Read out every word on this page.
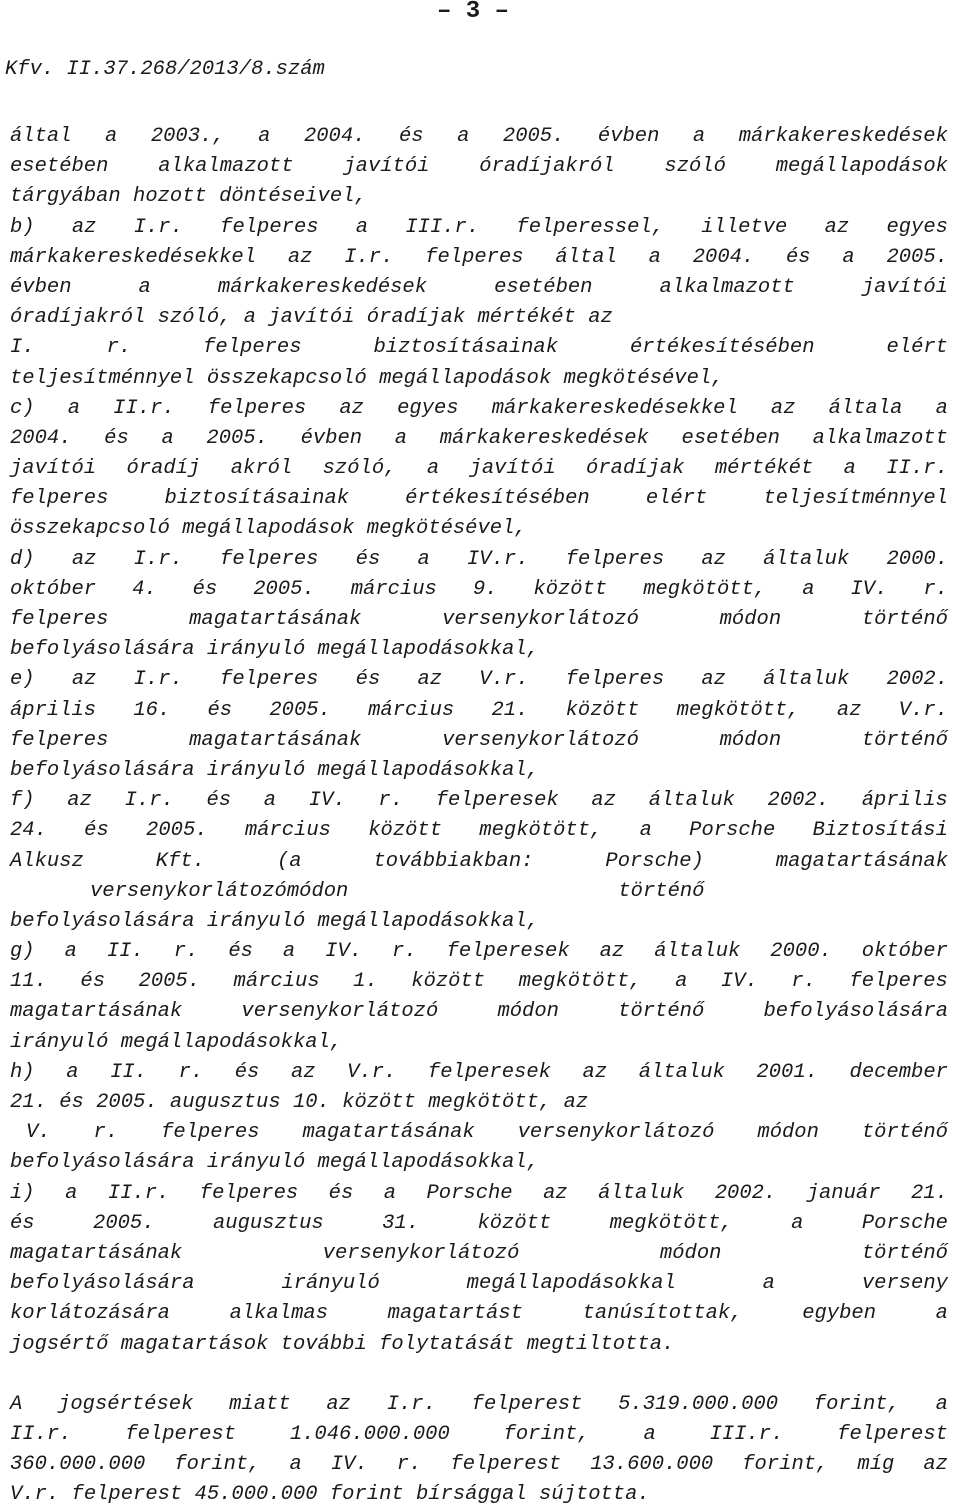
– 3 –
Kfv. II.37.268/2013/8.szám
által a 2003., a 2004. és a 2005. évben a márkakereskedések
esetében alkalmazott javítói óradíjakról szóló megállapodások
tárgyában hozott döntéseivel,
b) az I.r. felperes a III.r. felperessel, illetve az egyes
márkakereskedésekkel az I.r. felperes által a 2004. és a 2005.
évben	a	márkakereskedések	esetében	alkalmazott	javítói
óradíjakról szóló, a javítói óradíjak mértékét az
I.	r.	felperes	biztosításainak	értékesítésében	elért
teljesítménnyel összekapcsoló megállapodások megkötésével,
c) a II.r. felperes az egyes márkakereskedésekkel az általa a
2004. és a 2005. évben a márkakereskedések esetében alkalmazott
javítói óradíj akról szóló, a javítói óradíjak mértékét a II.r.
felperes	biztosításainak	értékesítésében	elért	teljesítménnyel
összekapcsoló megállapodások megkötésével,
d) az I.r. felperes és a IV.r. felperes az általuk 2000.
október 4. és 2005. március 9. között megkötött, a IV. r.
felperes	magatartásának	versenykorlátozó	módon	történő
befolyásolására irányuló megállapodásokkal,
e) az I.r. felperes és az V.r. felperes az általuk 2002.
április 16. és 2005. március 21. között megkötött, az V.r.
felperes	magatartásának	versenykorlátozó	módon	történő
befolyásolására irányuló megállapodásokkal,
f) az I.r. és a IV. r. felperesek az általuk 2002. április
24. és 2005. március között megkötött, a Porsche Biztosítási
Alkusz	Kft.	(a	továbbiakban:	Porsche)	magatartásának
versenykorlátozó módon	történő
befolyásolására irányuló megállapodásokkal,
g) a II. r. és a IV. r. felperesek az általuk 2000. október
11. és 2005. március 1. között megkötött, a IV. r. felperes
magatartásának	versenykorlátozó	módon	történő	befolyásolására
irányuló megállapodásokkal,
h) a II. r. és az V.r. felperesek az általuk 2001. december
21. és 2005. augusztus 10. között megkötött, az
V. r. felperes magatartásának versenykorlátozó módon történő
befolyásolására irányuló megállapodásokkal,
i) a II.r. felperes és a Porsche az általuk 2002. január 21.
és	2005.	augusztus	31.	között	megkötött,	a	Porsche
magatartásának	versenykorlátozó	módon	történő
befolyásolására	irányuló	megállapodásokkal	a	verseny
korlátozására	alkalmas	magatartást	tanúsítottak,	egyben	a
jogsértő magatartások további folytatását megtiltotta.
A jogsértések miatt az I.r. felperest 5.319.000.000 forint, a
II.r.	felperest	1.046.000.000	forint,	a	III.r.	felperest
360.000.000 forint, a IV. r. felperest 13.600.000 forint, míg az
V.r. felperest 45.000.000 forint bírsággal sújtotta.
